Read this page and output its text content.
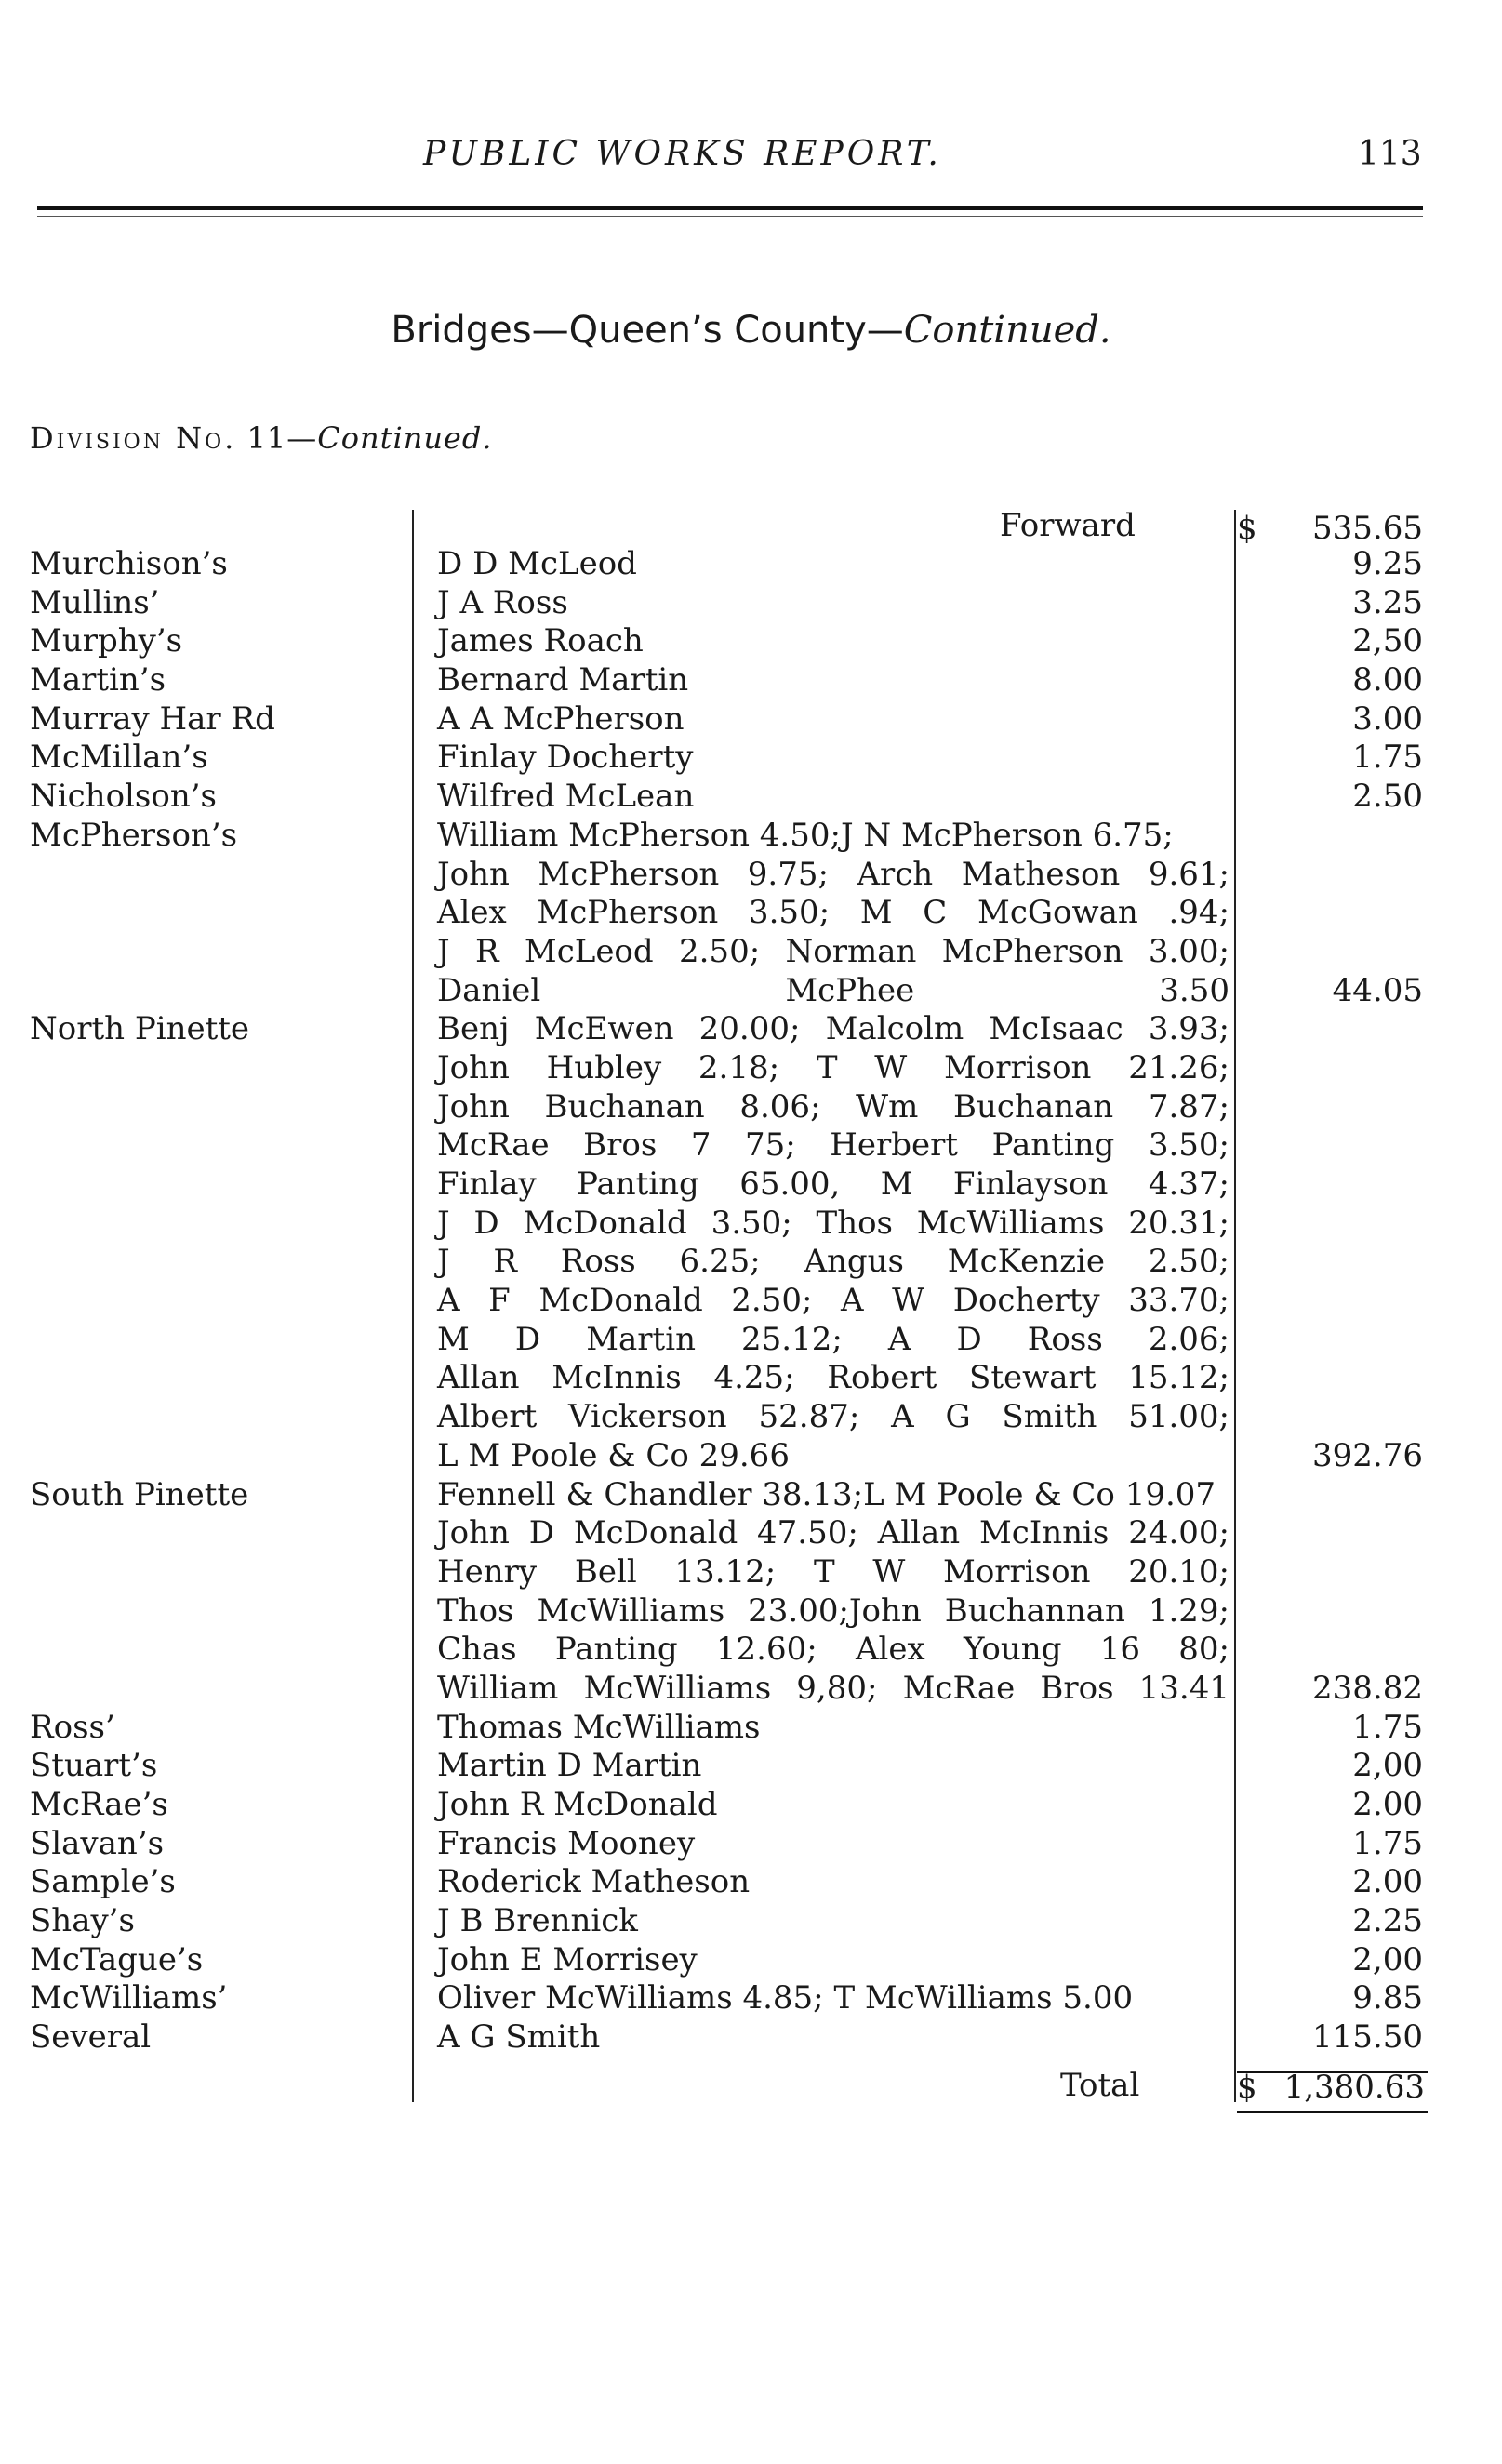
PUBLIC WORKS REPORT.	113
Bridges—Queen’s County—Continued.
Division No. 11—Continued.
Forward	$ 535.65
Murchison’s	D D McLeod	9.25
Mullins’	J A Ross	3.25
Murphy’s	James Roach	2,50
Martin’s	Bernard Martin	8.00
Murray Har Rd	A A McPherson	3.00
McMillan’s	Finlay Docherty	1.75
Nicholson’s	Wilfred McLean	2.50
McPherson’s	William McPherson 4.50;J N McPherson 6.75;
John McPherson 9.75; Arch Matheson 9.61;
Alex McPherson 3.50; M C McGowan .94;
J R McLeod 2.50; Norman McPherson 3.00;
Daniel McPhee 3.50	44.05
North Pinette	Benj McEwen 20.00; Malcolm McIsaac 3.93;
John Hubley 2.18; T W Morrison 21.26;
John Buchanan 8.06; Wm Buchanan 7.87;
McRae Bros 7 75; Herbert Panting 3.50;
Finlay Panting 65.00, M Finlayson 4.37;
J D McDonald 3.50; Thos McWilliams 20.31;
J R Ross 6.25; Angus McKenzie 2.50;
A F McDonald 2.50; A W Docherty 33.70;
M D Martin 25.12; A D Ross 2.06;
Allan McInnis 4.25; Robert Stewart 15.12;
Albert Vickerson 52.87; A G Smith 51.00;
L M Poole & Co 29.66	392.76
South Pinette	Fennell & Chandler 38.13;L M Poole & Co 19.07
John D McDonald 47.50; Allan McInnis 24.00;
Henry Bell 13.12; T W Morrison 20.10;
Thos McWilliams 23.00;John Buchannan 1.29;
Chas Panting 12.60; Alex Young 16 80;
William McWilliams 9,80; McRae Bros 13.41	238.82
Ross’	Thomas McWilliams	1.75
Stuart’s	Martin D Martin	2,00
McRae’s	John R McDonald	2.00
Slavan’s	Francis Mooney	1.75
Sample’s	Roderick Matheson	2.00
Shay’s	J B Brennick	2.25
McTague’s	John E Morrisey	2,00
McWilliams’	Oliver McWilliams 4.85; T McWilliams 5.00	9.85
Several	A G Smith	115.50
Total	$ 1,380.63
